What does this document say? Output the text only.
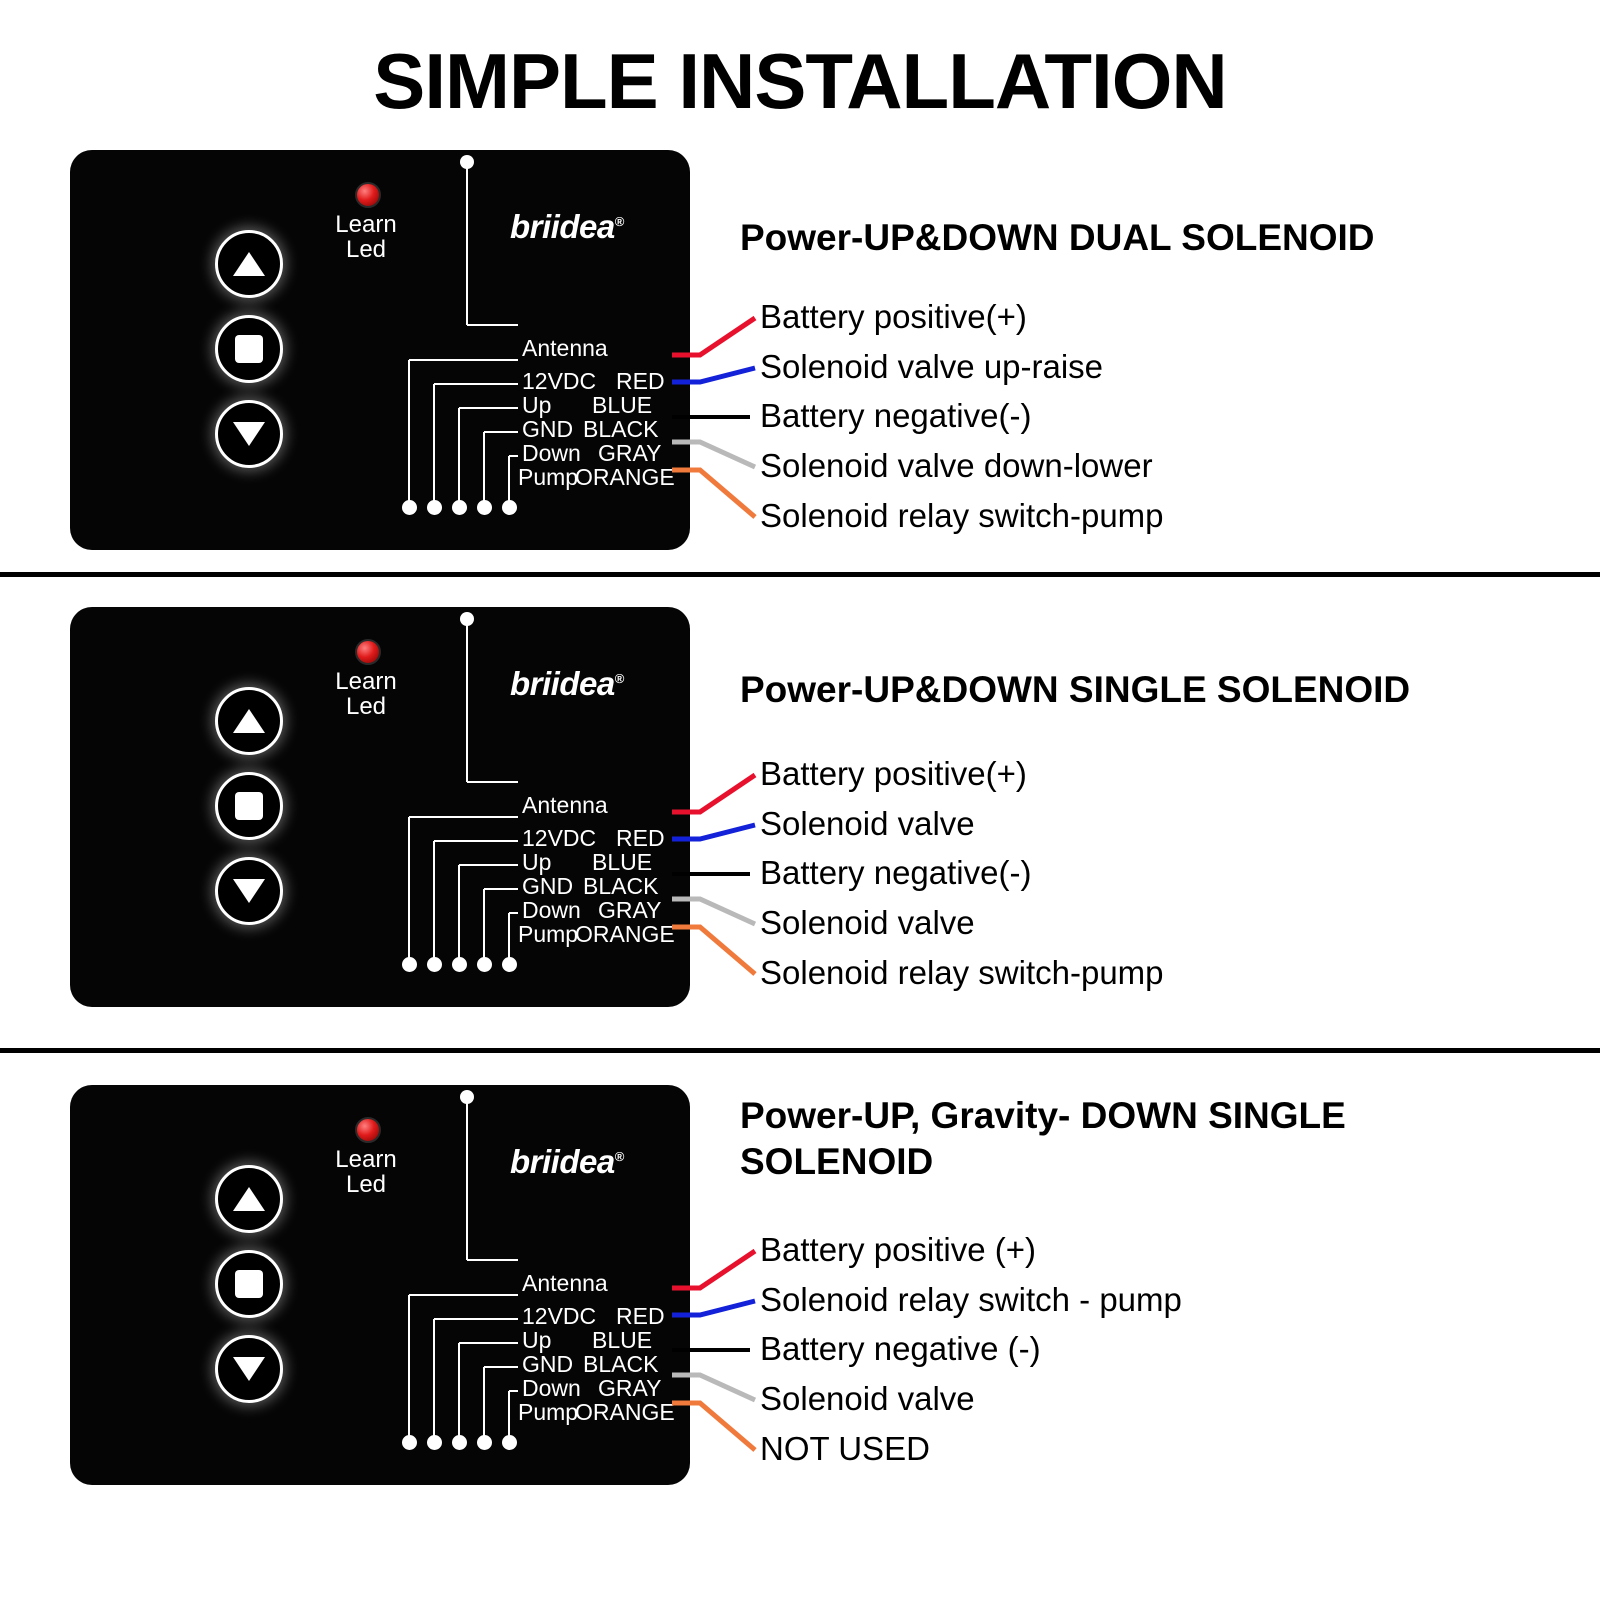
SIMPLE INSTALLATION
Learn
Led
briidea®
Antenna
12VDC RED
Up BLUE
GND BLACK
Down GRAY
Pump
ORANGE
Power-UP&DOWN DUAL SOLENOID
Battery positive(+)
Solenoid valve up-raise
Battery negative(-)
Solenoid valve down-lower
Solenoid relay switch-pump
Learn
Led
briidea®
Antenna
12VDC RED
Up BLUE
GND BLACK
Down GRAY
Pump
ORANGE
Power-UP&DOWN SINGLE SOLENOID
Battery positive(+)
Solenoid valve
Battery negative(-)
Solenoid valve
Solenoid relay switch-pump
Learn
Led
briidea®
Antenna
12VDC RED
Up BLUE
GND BLACK
Down GRAY
Pump
ORANGE
Power-UP, Gravity- DOWN SINGLE SOLENOID
Battery positive (+)
Solenoid relay switch - pump
Battery negative (-)
Solenoid valve
NOT USED
